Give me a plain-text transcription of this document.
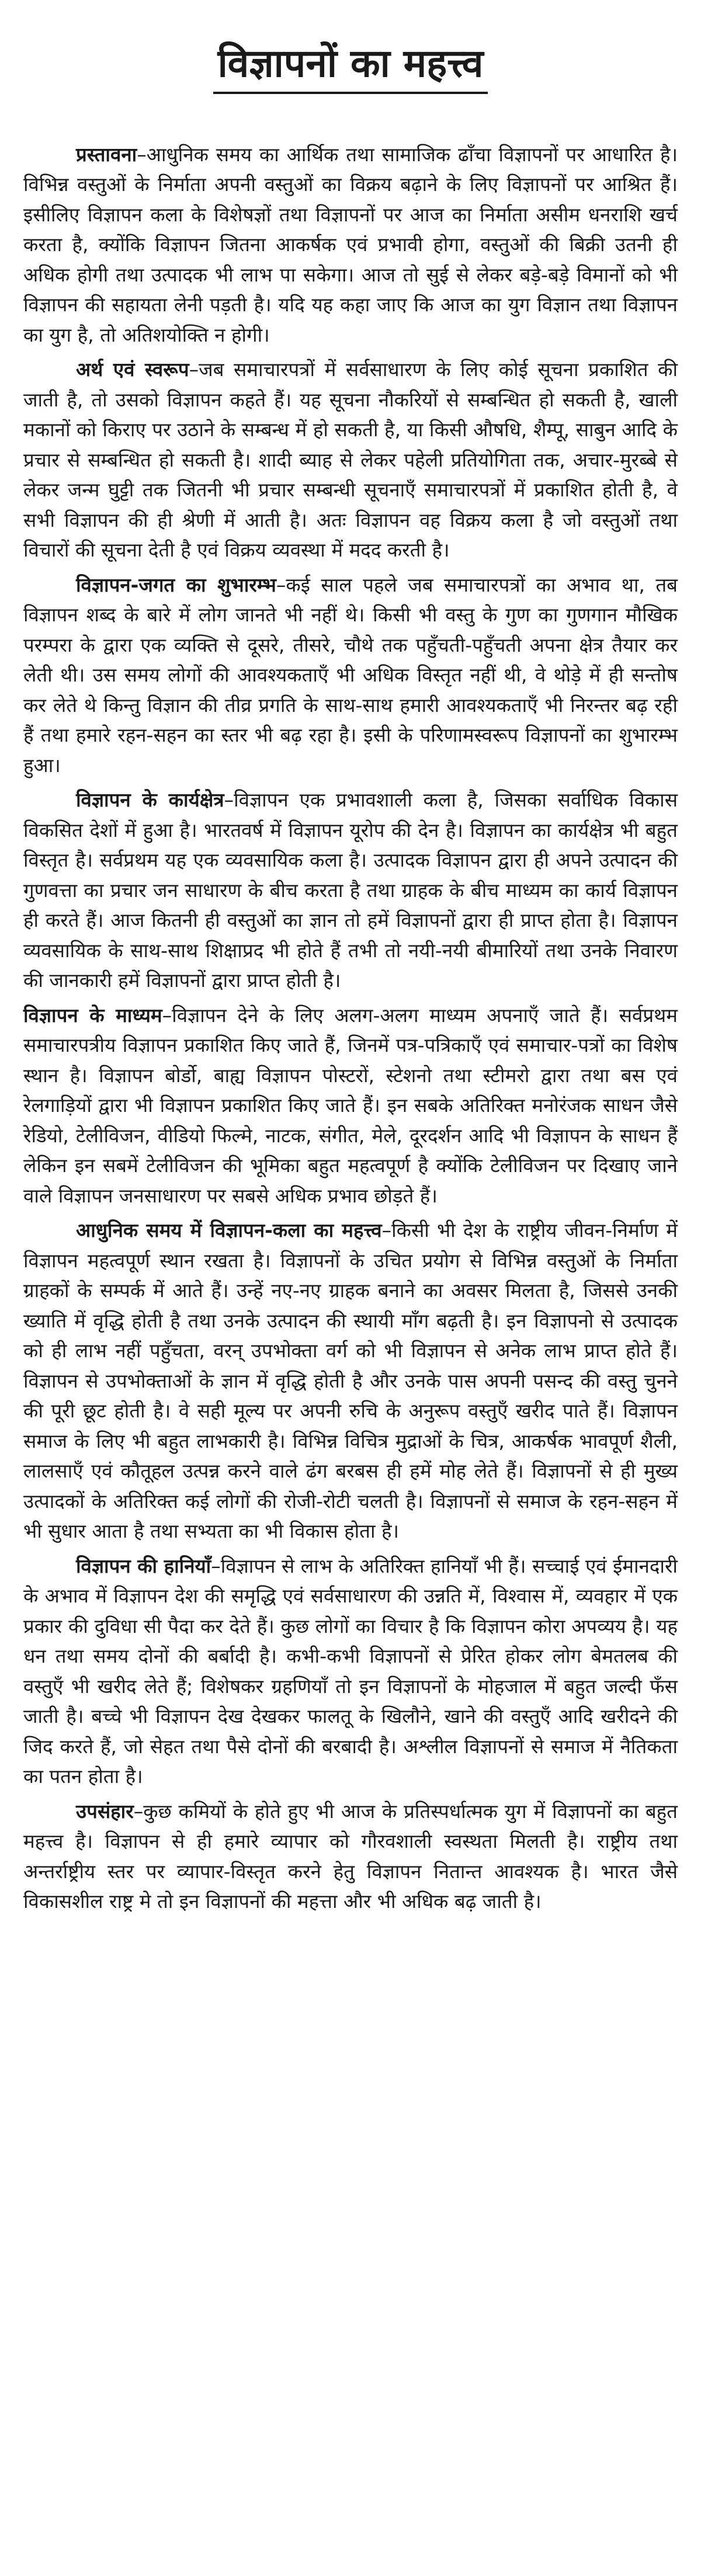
विज्ञापनों का महत्त्व

प्रस्तावना–आधुनिक समय का आर्थिक तथा सामाजिक ढाँचा विज्ञापनों पर आधारित है। विभिन्न वस्तुओं के निर्माता अपनी वस्तुओं का विक्रय बढ़ाने के लिए विज्ञापनों पर आश्रित हैं। इसीलिए विज्ञापन कला के विशेषज्ञों तथा विज्ञापनों पर आज का निर्माता असीम धनराशि खर्च करता है, क्योंकि विज्ञापन जितना आकर्षक एवं प्रभावी होगा, वस्तुओं की बिक्री उतनी ही अधिक होगी तथा उत्पादक भी लाभ पा सकेगा। आज तो सुई से लेकर बड़े-बड़े विमानों को भी विज्ञापन की सहायता लेनी पड़ती है। यदि यह कहा जाए कि आज का युग विज्ञान तथा विज्ञापन का युग है, तो अतिशयोक्ति न होगी।

अर्थ एवं स्वरूप–जब समाचारपत्रों में सर्वसाधारण के लिए कोई सूचना प्रकाशित की जाती है, तो उसको विज्ञापन कहते हैं। यह सूचना नौकरियों से सम्बन्धित हो सकती है, खाली मकानों को किराए पर उठाने के सम्बन्ध में हो सकती है, या किसी औषधि, शैम्पू, साबुन आदि के प्रचार से सम्बन्धित हो सकती है। शादी ब्याह से लेकर पहेली प्रतियोगिता तक, अचार-मुरब्बे से लेकर जन्म घुट्टी तक जितनी भी प्रचार सम्बन्धी सूचनाएँ समाचारपत्रों में प्रकाशित होती है, वे सभी विज्ञापन की ही श्रेणी में आती है। अतः विज्ञापन वह विक्रय कला है जो वस्तुओं तथा विचारों की सूचना देती है एवं विक्रय व्यवस्था में मदद करती है।

विज्ञापन-जगत का शुभारम्भ–कई साल पहले जब समाचारपत्रों का अभाव था, तब विज्ञापन शब्द के बारे में लोग जानते भी नहीं थे। किसी भी वस्तु के गुण का गुणगान मौखिक परम्परा के द्वारा एक व्यक्ति से दूसरे, तीसरे, चौथे तक पहुँचती-पहुँचती अपना क्षेत्र तैयार कर लेती थी। उस समय लोगों की आवश्यकताएँ भी अधिक विस्तृत नहीं थी, वे थोड़े में ही सन्तोष कर लेते थे किन्तु विज्ञान की तीव्र प्रगति के साथ-साथ हमारी आवश्यकताएँ भी निरन्तर बढ़ रही हैं तथा हमारे रहन-सहन का स्तर भी बढ़ रहा है। इसी के परिणामस्वरूप विज्ञापनों का शुभारम्भ हुआ।

विज्ञापन के कार्यक्षेत्र–विज्ञापन एक प्रभावशाली कला है, जिसका सर्वाधिक विकास विकसित देशों में हुआ है। भारतवर्ष में विज्ञापन यूरोप की देन है। विज्ञापन का कार्यक्षेत्र भी बहुत विस्तृत है। सर्वप्रथम यह एक व्यवसायिक कला है। उत्पादक विज्ञापन द्वारा ही अपने उत्पादन की गुणवत्ता का प्रचार जन साधारण के बीच करता है तथा ग्राहक के बीच माध्यम का कार्य विज्ञापन ही करते हैं। आज कितनी ही वस्तुओं का ज्ञान तो हमें विज्ञापनों द्वारा ही प्राप्त होता है। विज्ञापन व्यवसायिक के साथ-साथ शिक्षाप्रद भी होते हैं तभी तो नयी-नयी बीमारियों तथा उनके निवारण की जानकारी हमें विज्ञापनों द्वारा प्राप्त होती है।

विज्ञापन के माध्यम–विज्ञापन देने के लिए अलग-अलग माध्यम अपनाएँ जाते हैं। सर्वप्रथम समाचारपत्रीय विज्ञापन प्रकाशित किए जाते हैं, जिनमें पत्र-पत्रिकाएँ एवं समाचार-पत्रों का विशेष स्थान है। विज्ञापन बोर्डो, बाह्य विज्ञापन पोस्टरों, स्टेशनो तथा स्टीमरो द्वारा तथा बस एवं रेलगाड़ियों द्वारा भी विज्ञापन प्रकाशित किए जाते हैं। इन सबके अतिरिक्त मनोरंजक साधन जैसे रेडियो, टेलीविजन, वीडियो फिल्मे, नाटक, संगीत, मेले, दूरदर्शन आदि भी विज्ञापन के साधन हैं लेकिन इन सबमें टेलीविजन की भूमिका बहुत महत्वपूर्ण है क्योंकि टेलीविजन पर दिखाए जाने वाले विज्ञापन जनसाधारण पर सबसे अधिक प्रभाव छोड़ते हैं।

आधुनिक समय में विज्ञापन-कला का महत्त्व–किसी भी देश के राष्ट्रीय जीवन-निर्माण में विज्ञापन महत्वपूर्ण स्थान रखता है। विज्ञापनों के उचित प्रयोग से विभिन्न वस्तुओं के निर्माता ग्राहकों के सम्पर्क में आते हैं। उन्हें नए-नए ग्राहक बनाने का अवसर मिलता है, जिससे उनकी ख्याति में वृद्धि होती है तथा उनके उत्पादन की स्थायी माँग बढ़ती है। इन विज्ञापनो से उत्पादक को ही लाभ नहीं पहुँचता, वरन् उपभोक्ता वर्ग को भी विज्ञापन से अनेक लाभ प्राप्त होते हैं। विज्ञापन से उपभोक्ताओं के ज्ञान में वृद्धि होती है और उनके पास अपनी पसन्द की वस्तु चुनने की पूरी छूट होती है। वे सही मूल्य पर अपनी रुचि के अनुरूप वस्तुएँ खरीद पाते हैं। विज्ञापन समाज के लिए भी बहुत लाभकारी है। विभिन्न विचित्र मुद्राओं के चित्र, आकर्षक भावपूर्ण शैली, लालसाएँ एवं कौतूहल उत्पन्न करने वाले ढंग बरबस ही हमें मोह लेते हैं। विज्ञापनों से ही मुख्य उत्पादकों के अतिरिक्त कई लोगों की रोजी-रोटी चलती है। विज्ञापनों से समाज के रहन-सहन में भी सुधार आता है तथा सभ्यता का भी विकास होता है।

विज्ञापन की हानियाँ–विज्ञापन से लाभ के अतिरिक्त हानियाँ भी हैं। सच्चाई एवं ईमानदारी के अभाव में विज्ञापन देश की समृद्धि एवं सर्वसाधारण की उन्नति में, विश्वास में, व्यवहार में एक प्रकार की दुविधा सी पैदा कर देते हैं। कुछ लोगों का विचार है कि विज्ञापन कोरा अपव्यय है। यह धन तथा समय दोनों की बर्बादी है। कभी-कभी विज्ञापनों से प्रेरित होकर लोग बेमतलब की वस्तुएँ भी खरीद लेते हैं; विशेषकर ग्रहणियाँ तो इन विज्ञापनों के मोहजाल में बहुत जल्दी फँस जाती है। बच्चे भी विज्ञापन देख देखकर फालतू के खिलौने, खाने की वस्तुएँ आदि खरीदने की जिद करते हैं, जो सेहत तथा पैसे दोनों की बरबादी है। अश्लील विज्ञापनों से समाज में नैतिकता का पतन होता है।

उपसंहार–कुछ कमियों के होते हुए भी आज के प्रतिस्पर्धात्मक युग में विज्ञापनों का बहुत महत्त्व है। विज्ञापन से ही हमारे व्यापार को गौरवशाली स्वस्थता मिलती है। राष्ट्रीय तथा अन्तर्राष्ट्रीय स्तर पर व्यापार-विस्तृत करने हेतु विज्ञापन नितान्त आवश्यक है। भारत जैसे विकासशील राष्ट्र मे तो इन विज्ञापनों की महत्ता और भी अधिक बढ़ जाती है।
